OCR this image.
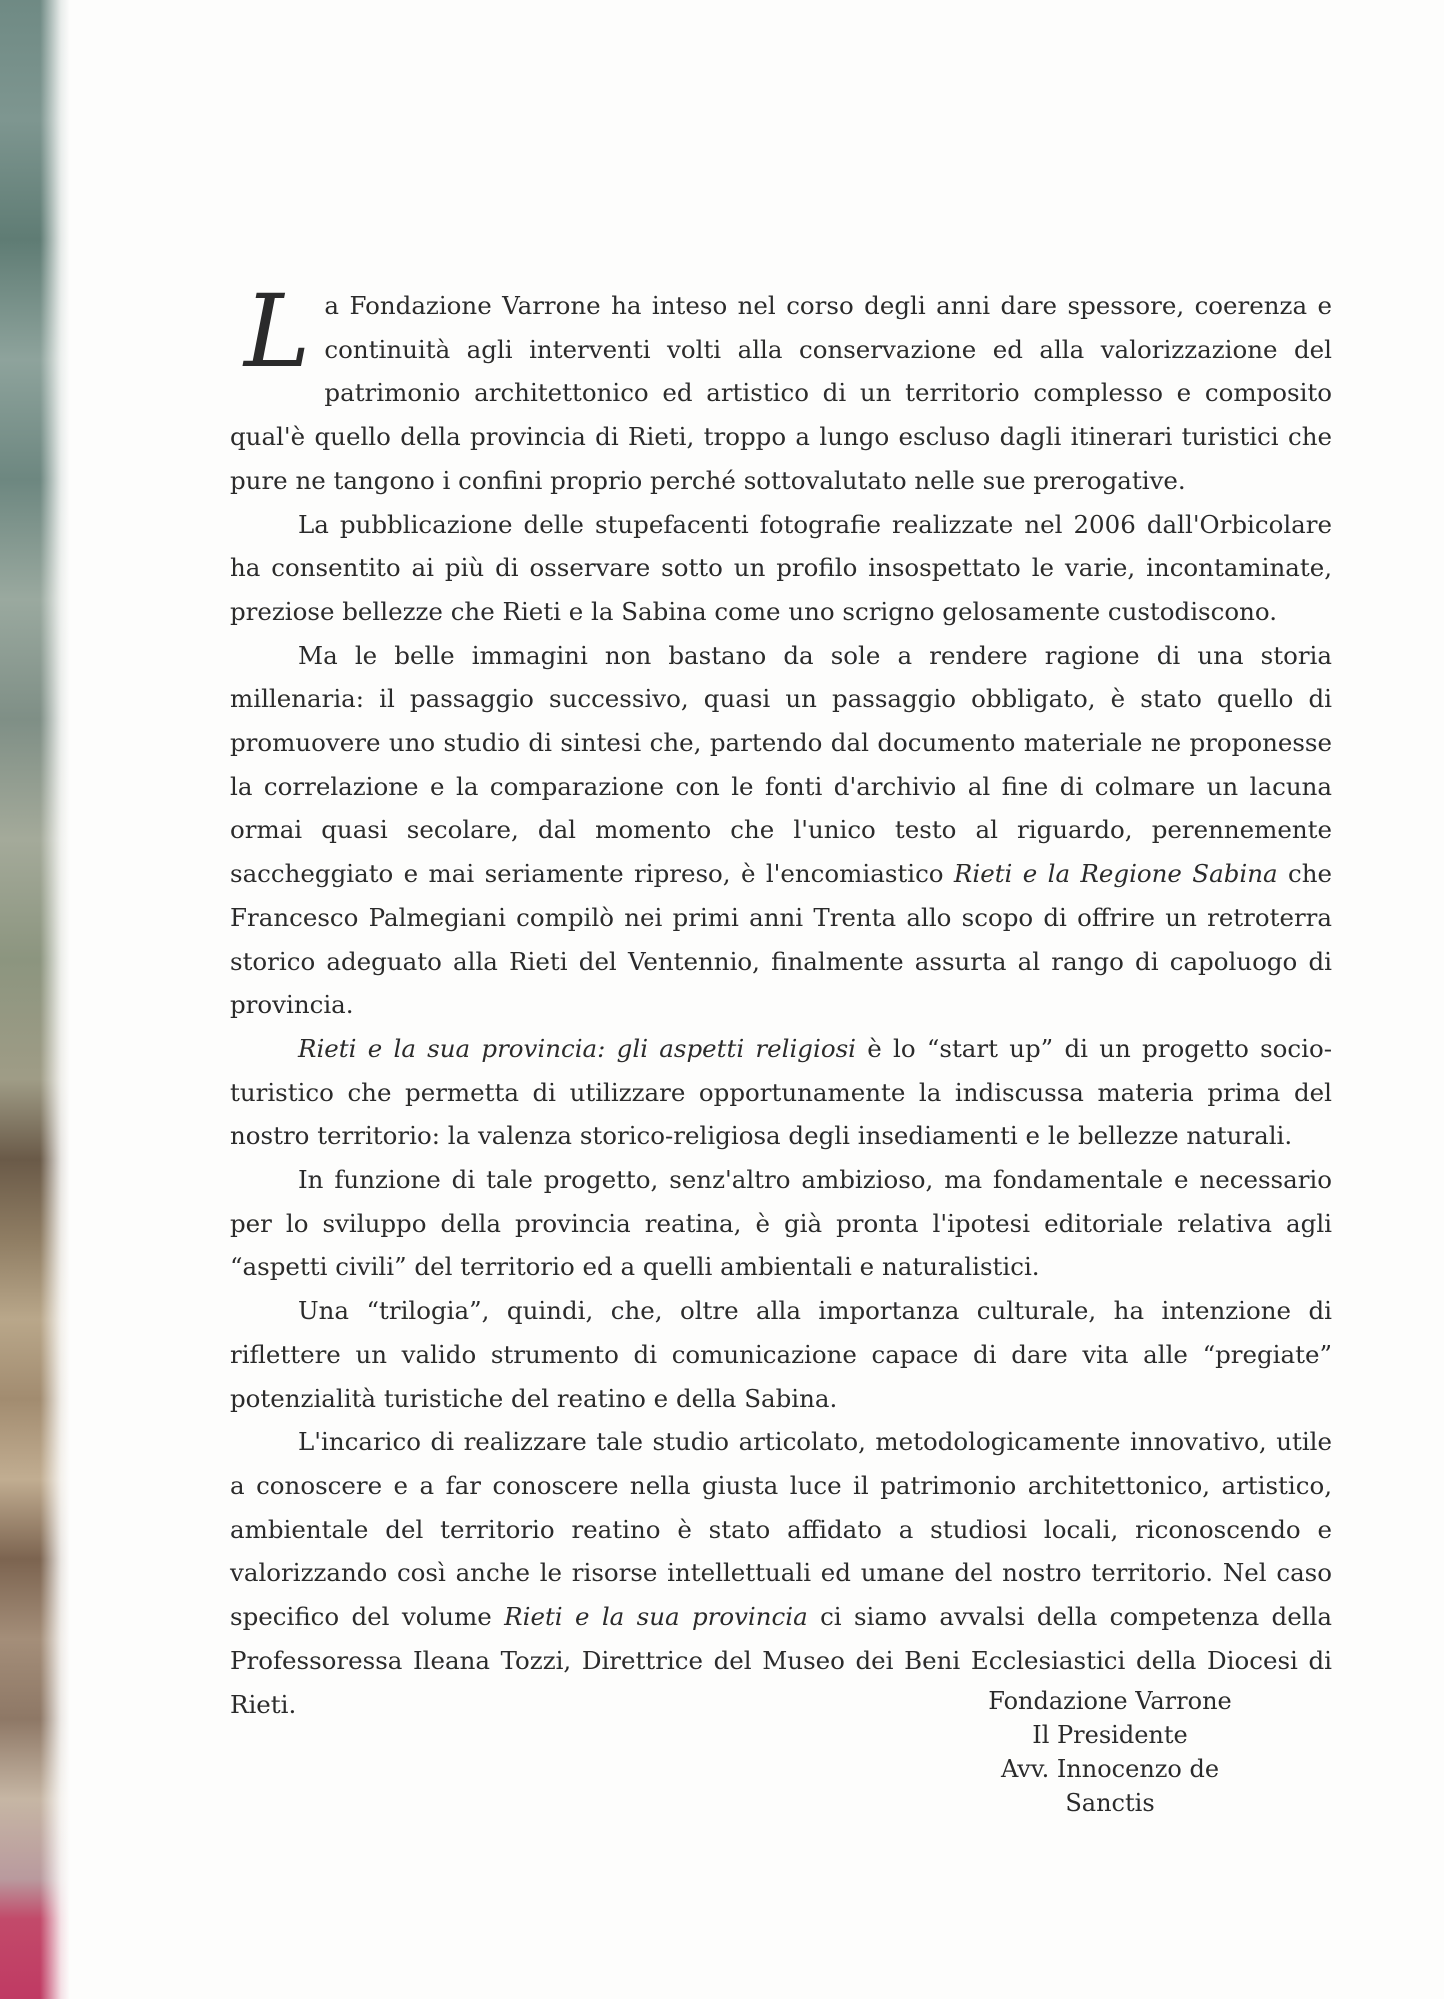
La Fondazione Varrone ha inteso nel corso degli anni dare spessore, coerenza e continuità agli interventi volti alla conservazione ed alla valorizzazione del patrimonio architettonico ed artistico di un territorio complesso e composito qual'è quello della provincia di Rieti, troppo a lungo escluso dagli itinerari turistici che pure ne tangono i confini proprio perché sottovalutato nelle sue prerogative.

La pubblicazione delle stupefacenti fotografie realizzate nel 2006 dall'Orbicolare ha consentito ai più di osservare sotto un profilo insospettato le varie, incontaminate, preziose bellezze che Rieti e la Sabina come uno scrigno gelosamente custodiscono.

Ma le belle immagini non bastano da sole a rendere ragione di una storia millenaria: il passaggio successivo, quasi un passaggio obbligato, è stato quello di promuovere uno studio di sintesi che, partendo dal documento materiale ne proponesse la correlazione e la comparazione con le fonti d'archivio al fine di colmare un lacuna ormai quasi secolare, dal momento che l'unico testo al riguardo, perennemente saccheggiato e mai seriamente ripreso, è l'encomiastico Rieti e la Regione Sabina che Francesco Palmegiani compilò nei primi anni Trenta allo scopo di offrire un retroterra storico adeguato alla Rieti del Ventennio, finalmente assurta al rango di capoluogo di provincia.

Rieti e la sua provincia: gli aspetti religiosi è lo “start up” di un progetto socio-turistico che permetta di utilizzare opportunamente la indiscussa materia prima del nostro territorio: la valenza storico-religiosa degli insediamenti e le bellezze naturali.

In funzione di tale progetto, senz'altro ambizioso, ma fondamentale e necessario per lo sviluppo della provincia reatina, è già pronta l'ipotesi editoriale relativa agli “aspetti civili” del territorio ed a quelli ambientali e naturalistici.

Una “trilogia”, quindi, che, oltre alla importanza culturale, ha intenzione di riflettere un valido strumento di comunicazione capace di dare vita alle “pregiate” potenzialità turistiche del reatino e della Sabina.

L'incarico di realizzare tale studio articolato, metodologicamente innovativo, utile a conoscere e a far conoscere nella giusta luce il patrimonio architettonico, artistico, ambientale del territorio reatino è stato affidato a studiosi locali, riconoscendo e valorizzando così anche le risorse intellettuali ed umane del nostro territorio. Nel caso specifico del volume Rieti e la sua provincia ci siamo avvalsi della competenza della Professoressa Ileana Tozzi, Direttrice del Museo dei Beni Ecclesiastici della Diocesi di Rieti.	Fondazione Varrone
Il Presidente
Avv. Innocenzo de Sanctis
